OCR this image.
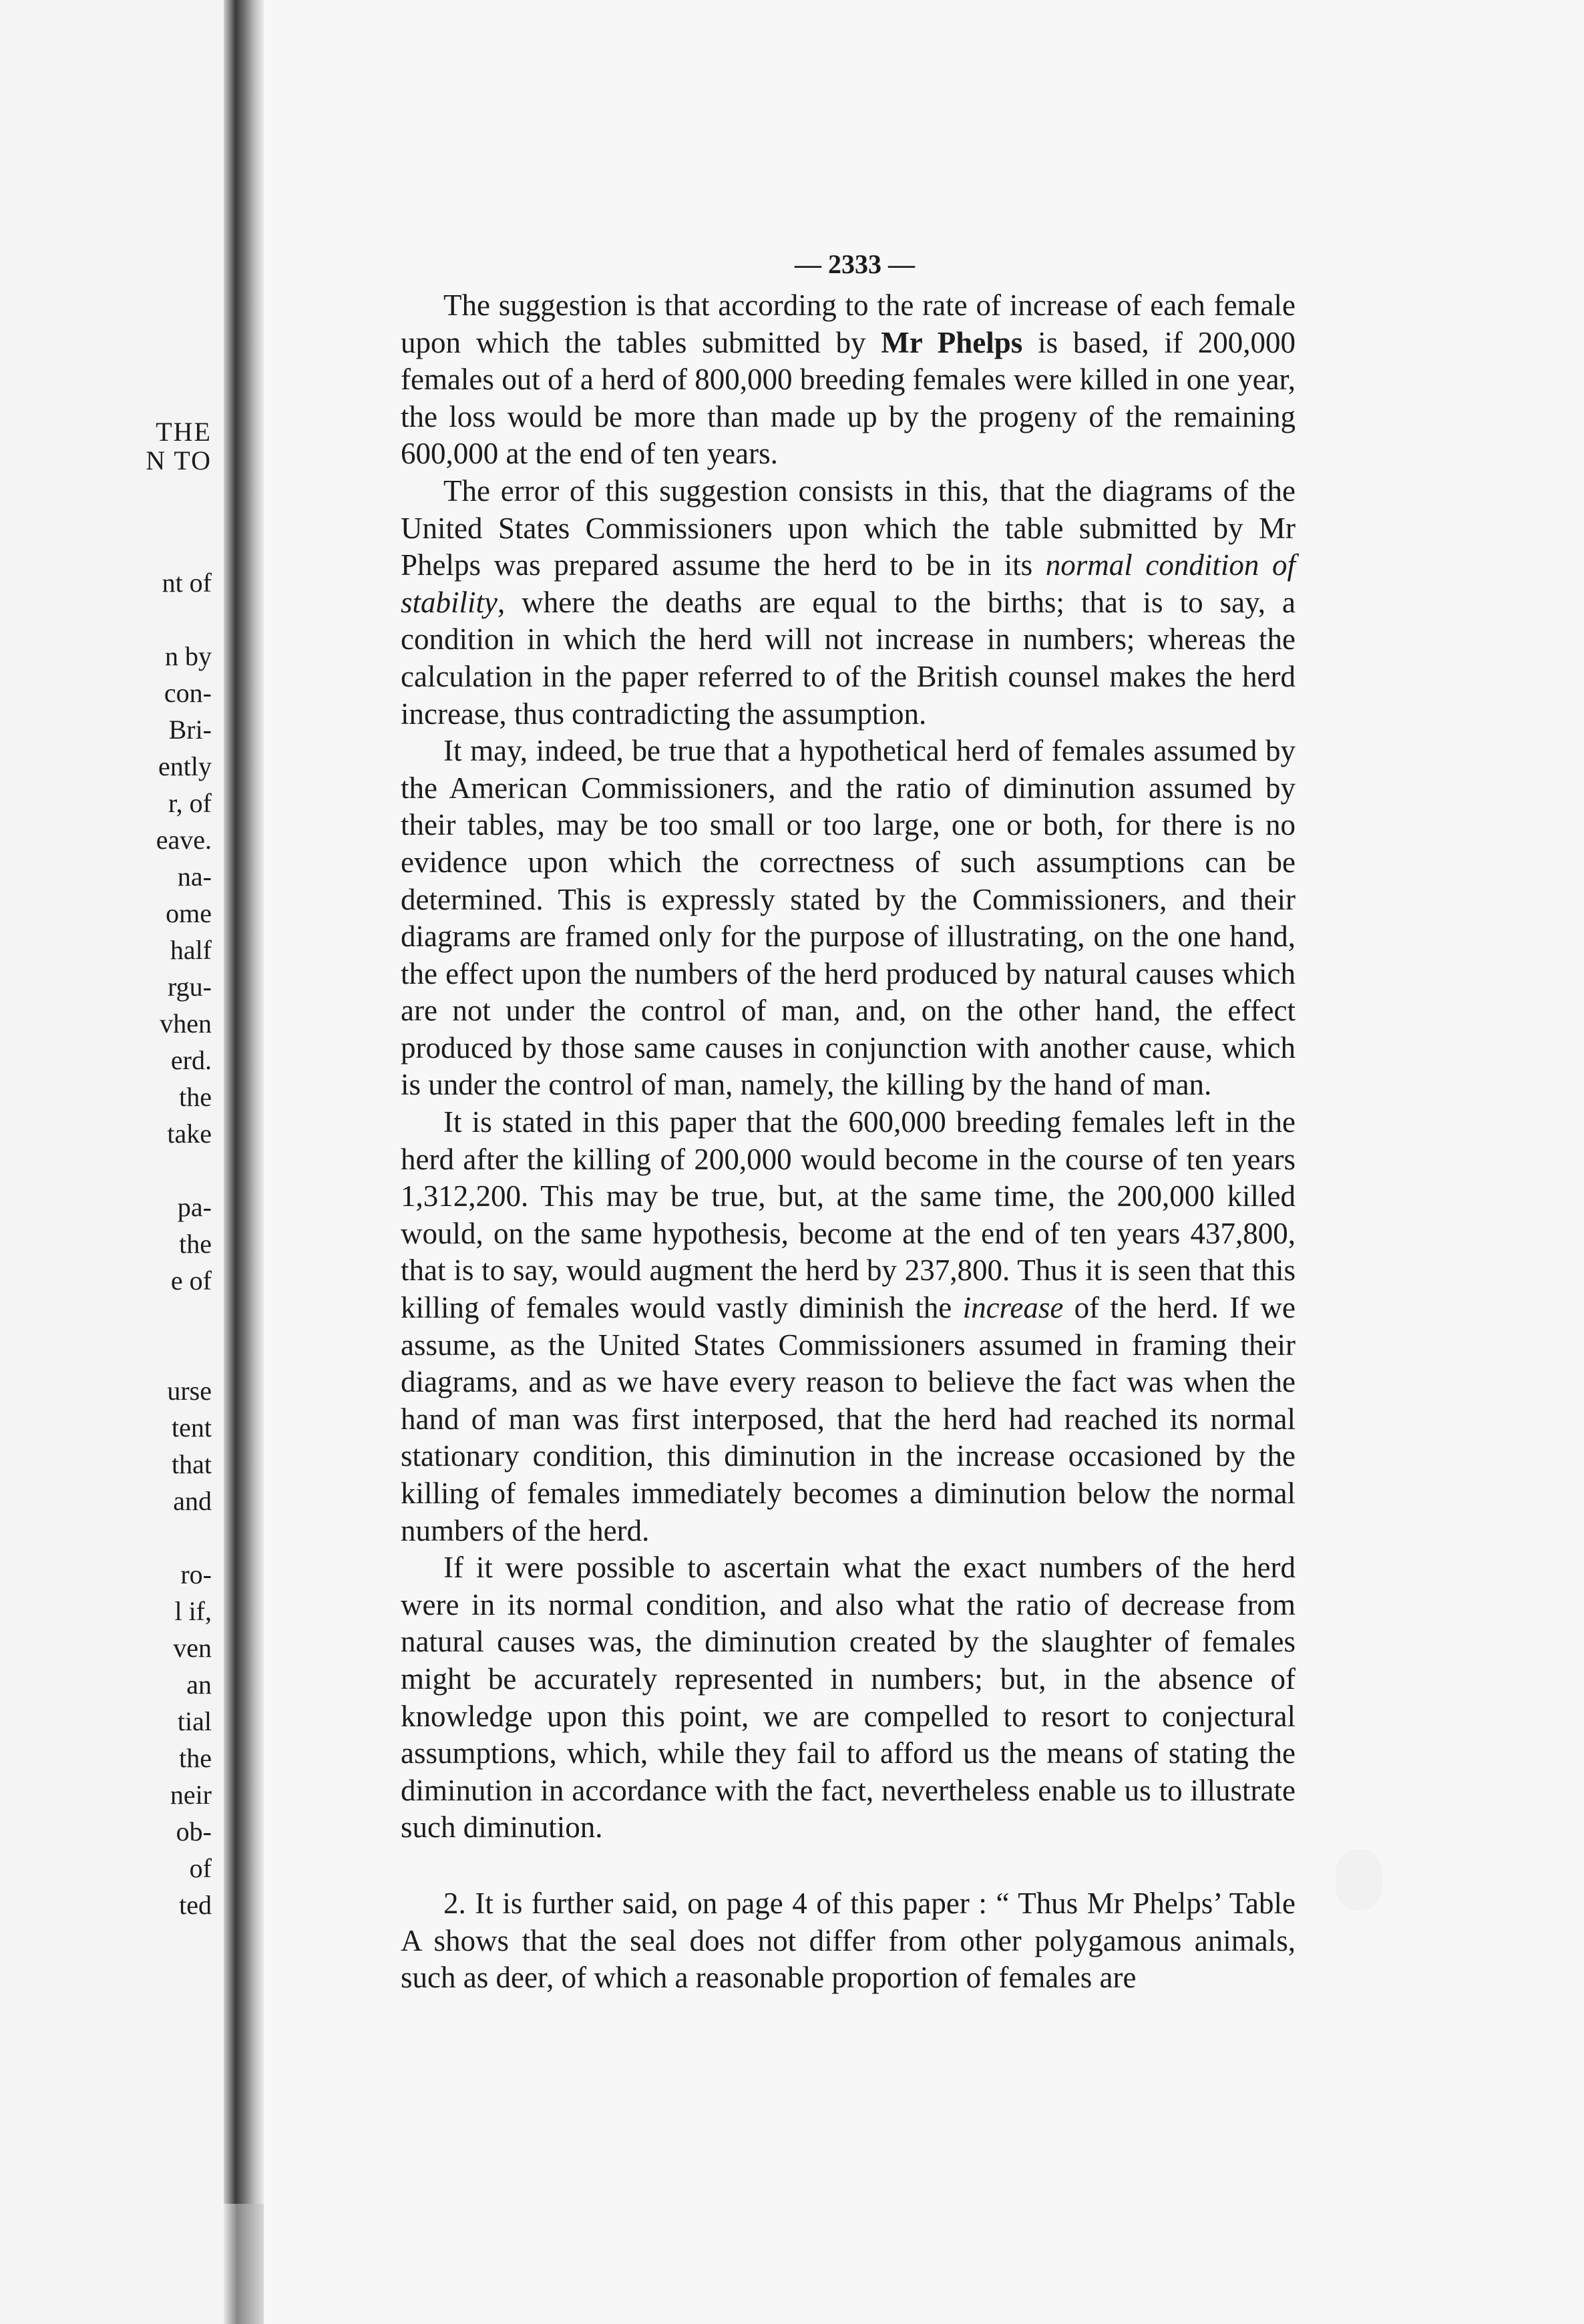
THE
N TO
nt of
n by
con-
Bri-
ently
r, of
eave.
na-
ome
half
rgu-
vhen
erd.
the
take
pa-
the
e of
urse
tent
that
and
ro-
l if,
ven
an
tial
the
neir
ob-
of
ted
— 2333 —

The suggestion is that according to the rate of increase of each female upon which the tables submitted by Mr Phelps is based, if 200,000 females out of a herd of 800,000 breeding females were killed in one year, the loss would be more than made up by the progeny of the remaining 600,000 at the end of ten years.

The error of this suggestion consists in this, that the diagrams of the United States Commissioners upon which the table submitted by Mr Phelps was prepared assume the herd to be in its normal condition of stability, where the deaths are equal to the births; that is to say, a condition in which the herd will not increase in numbers; whereas the calculation in the paper referred to of the British counsel makes the herd increase, thus contradicting the assumption.

It may, indeed, be true that a hypothetical herd of females assumed by the American Commissioners, and the ratio of diminution assumed by their tables, may be too small or too large, one or both, for there is no evidence upon which the correctness of such assumptions can be determined. This is expressly stated by the Commissioners, and their diagrams are framed only for the purpose of illustrating, on the one hand, the effect upon the numbers of the herd produced by natural causes which are not under the control of man, and, on the other hand, the effect produced by those same causes in conjunction with another cause, which is under the control of man, namely, the killing by the hand of man.

It is stated in this paper that the 600,000 breeding females left in the herd after the killing of 200,000 would become in the course of ten years 1,312,200. This may be true, but, at the same time, the 200,000 killed would, on the same hypothesis, become at the end of ten years 437,800, that is to say, would augment the herd by 237,800. Thus it is seen that this killing of females would vastly diminish the increase of the herd. If we assume, as the United States Commissioners assumed in framing their diagrams, and as we have every reason to believe the fact was when the hand of man was first interposed, that the herd had reached its normal stationary condition, this diminution in the increase occasioned by the killing of females immediately becomes a diminution below the normal numbers of the herd.

If it were possible to ascertain what the exact numbers of the herd were in its normal condition, and also what the ratio of decrease from natural causes was, the diminution created by the slaughter of females might be accurately represented in numbers; but, in the absence of knowledge upon this point, we are compelled to resort to conjectural assumptions, which, while they fail to afford us the means of stating the diminution in accordance with the fact, nevertheless enable us to illustrate such diminution.

2. It is further said, on page 4 of this paper : “ Thus Mr Phelps’ Table A shows that the seal does not differ from other polygamous animals, such as deer, of which a reasonable proportion of females are
